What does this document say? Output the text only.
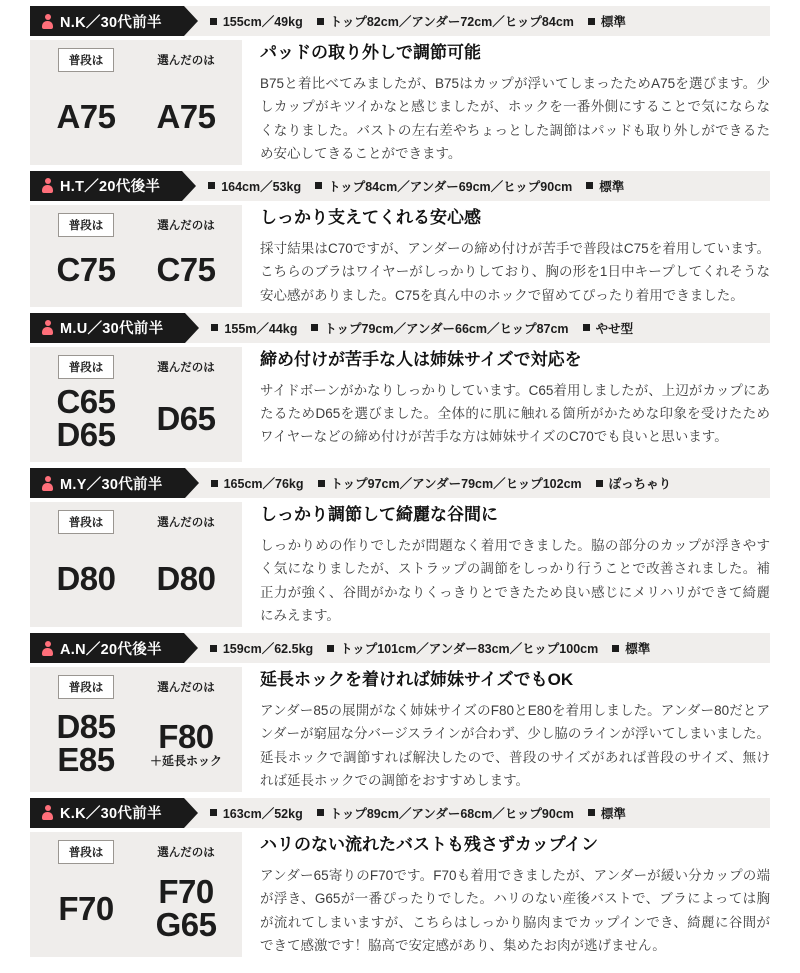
N.K／30代前半	155cm／49kg トップ82cm／アンダー72cm／ヒップ84cm 標準
普段は
A75
選んだのは
A75
パッドの取り外しで調節可能

B75と着比べてみましたが、B75はカップが浮いてしまったためA75を選びます。少しカップがキツイかなと感じましたが、ホックを一番外側にすることで気にならなくなりました。バストの左右差やちょっとした調節はパッドも取り外しができるため安心してきることができます。

H.T／20代後半	164cm／53kg トップ84cm／アンダー69cm／ヒップ90cm 標準
普段は
C75
選んだのは
C75
しっかり支えてくれる安心感

採寸結果はC70ですが、アンダーの締め付けが苦手で普段はC75を着用しています。こちらのブラはワイヤーがしっかりしており、胸の形を1日中キープしてくれそうな安心感がありました。C75を真ん中のホックで留めてぴったり着用できました。

M.U／30代前半	155m／44kg トップ79cm／アンダー66cm／ヒップ87cm やせ型
普段は
C65
D65
選んだのは
D65
締め付けが苦手な人は姉妹サイズで対応を

サイドボーンがかなりしっかりしています。C65着用しましたが、上辺がカップにあたるためD65を選びました。全体的に肌に触れる箇所がかためな印象を受けたためワイヤーなどの締め付けが苦手な方は姉妹サイズのC70でも良いと思います。

M.Y／30代前半	165cm／76kg トップ97cm／アンダー79cm／ヒップ102cm ぽっちゃり
普段は
D80
選んだのは
D80
しっかり調節して綺麗な谷間に

しっかりめの作りでしたが問題なく着用できました。脇の部分のカップが浮きやすく気になりましたが、ストラップの調節をしっかり行うことで改善されました。補正力が強く、谷間がかなりくっきりとできたため良い感じにメリハリができて綺麗にみえます。

A.N／20代後半	159cm／62.5kg トップ101cm／アンダー83cm／ヒップ100cm 標準
普段は
D85
E85
選んだのは
F80
＋延長ホック
延長ホックを着ければ姉妹サイズでもOK

アンダー85の展開がなく姉妹サイズのF80とE80を着用しました。アンダー80だとアンダーが窮屈な分バージスラインが合わず、少し脇のラインが浮いてしまいました。延長ホックで調節すれば解決したので、普段のサイズがあれば普段のサイズ、無ければ延長ホックでの調節をおすすめします。

K.K／30代前半	163cm／52kg トップ89cm／アンダー68cm／ヒップ90cm 標準
普段は
F70
選んだのは
F70
G65
ハリのない流れたバストも残さずカップイン

アンダー65寄りのF70です。F70も着用できましたが、アンダーが緩い分カップの端が浮き、G65が一番ぴったりでした。ハリのない産後バストで、ブラによっては胸が流れてしまいますが、こちらはしっかり脇肉までカップインでき、綺麗に谷間ができて感激です！脇高で安定感があり、集めたお肉が逃げません。
